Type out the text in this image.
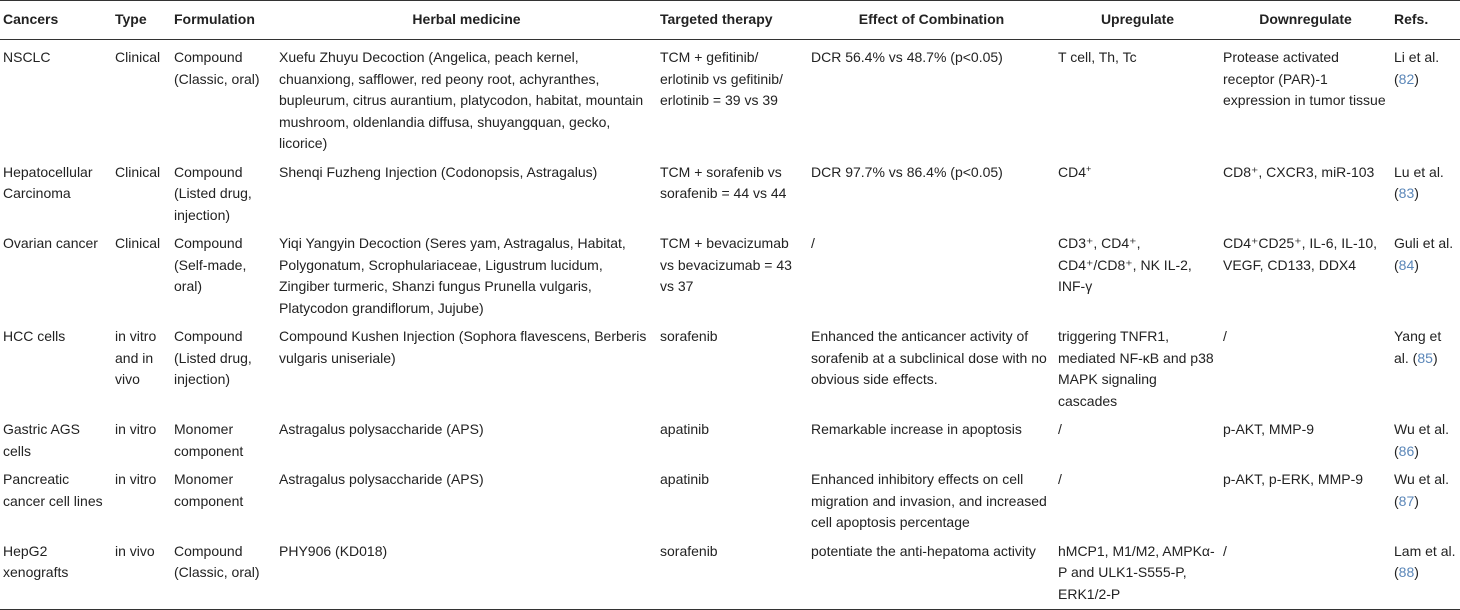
Cancers	Type	Formulation	Herbal medicine	Targeted therapy	Effect of Combination	Upregulate	Downregulate	Refs.
NSCLC	Clinical	Compound (Classic, oral)	Xuefu Zhuyu Decoction (Angelica, peach kernel, chuanxiong, safflower, red peony root, achyranthes, bupleurum, citrus aurantium, platycodon, habitat, mountain mushroom, oldenlandia diffusa, shuyangquan, gecko, licorice)	TCM + gefitinib/ erlotinib vs gefitinib/ erlotinib = 39 vs 39	DCR 56.4% vs 48.7% (p<0.05)	T cell, Th, Tc	Protease activated receptor (PAR)-1 expression in tumor tissue	Li et al. (82)
Hepatocellular Carcinoma	Clinical	Compound (Listed drug, injection)	Shenqi Fuzheng Injection (Codonopsis, Astragalus)	TCM + sorafenib vs sorafenib = 44 vs 44	DCR 97.7% vs 86.4% (p<0.05)	CD4+	CD8⁺, CXCR3, miR-103	Lu et al. (83)
Ovarian cancer	Clinical	Compound (Self-made, oral)	Yiqi Yangyin Decoction (Seres yam, Astragalus, Habitat, Polygonatum, Scrophulariaceae, Ligustrum lucidum, Zingiber turmeric, Shanzi fungus Prunella vulgaris, Platycodon grandiflorum, Jujube)	TCM + bevacizumab vs bevacizumab = 43 vs 37	/	CD3⁺, CD4⁺, CD4⁺/CD8⁺, NK IL-2, INF-γ	CD4⁺CD25⁺, IL-6, IL-10, VEGF, CD133, DDX4	Guli et al. (84)
HCC cells	in vitro and in vivo	Compound (Listed drug, injection)	Compound Kushen Injection (Sophora flavescens, Berberis vulgaris uniseriale)	sorafenib	Enhanced the anticancer activity of sorafenib at a subclinical dose with no obvious side effects.	triggering TNFR1, mediated NF-κB and p38 MAPK signaling cascades	/	Yang et al. (85)
Gastric AGS cells	in vitro	Monomer component	Astragalus polysaccharide (APS)	apatinib	Remarkable increase in apoptosis	/	p-AKT, MMP-9	Wu et al. (86)
Pancreatic cancer cell lines	in vitro	Monomer component	Astragalus polysaccharide (APS)	apatinib	Enhanced inhibitory effects on cell migration and invasion, and increased cell apoptosis percentage	/	p-AKT, p-ERK, MMP-9	Wu et al. (87)
HepG2 xenografts	in vivo	Compound (Classic, oral)	PHY906 (KD018)	sorafenib	potentiate the anti-hepatoma activity	hMCP1, M1/M2, AMPKα-P and ULK1-S555-P, ERK1/2-P	/	Lam et al. (88)
